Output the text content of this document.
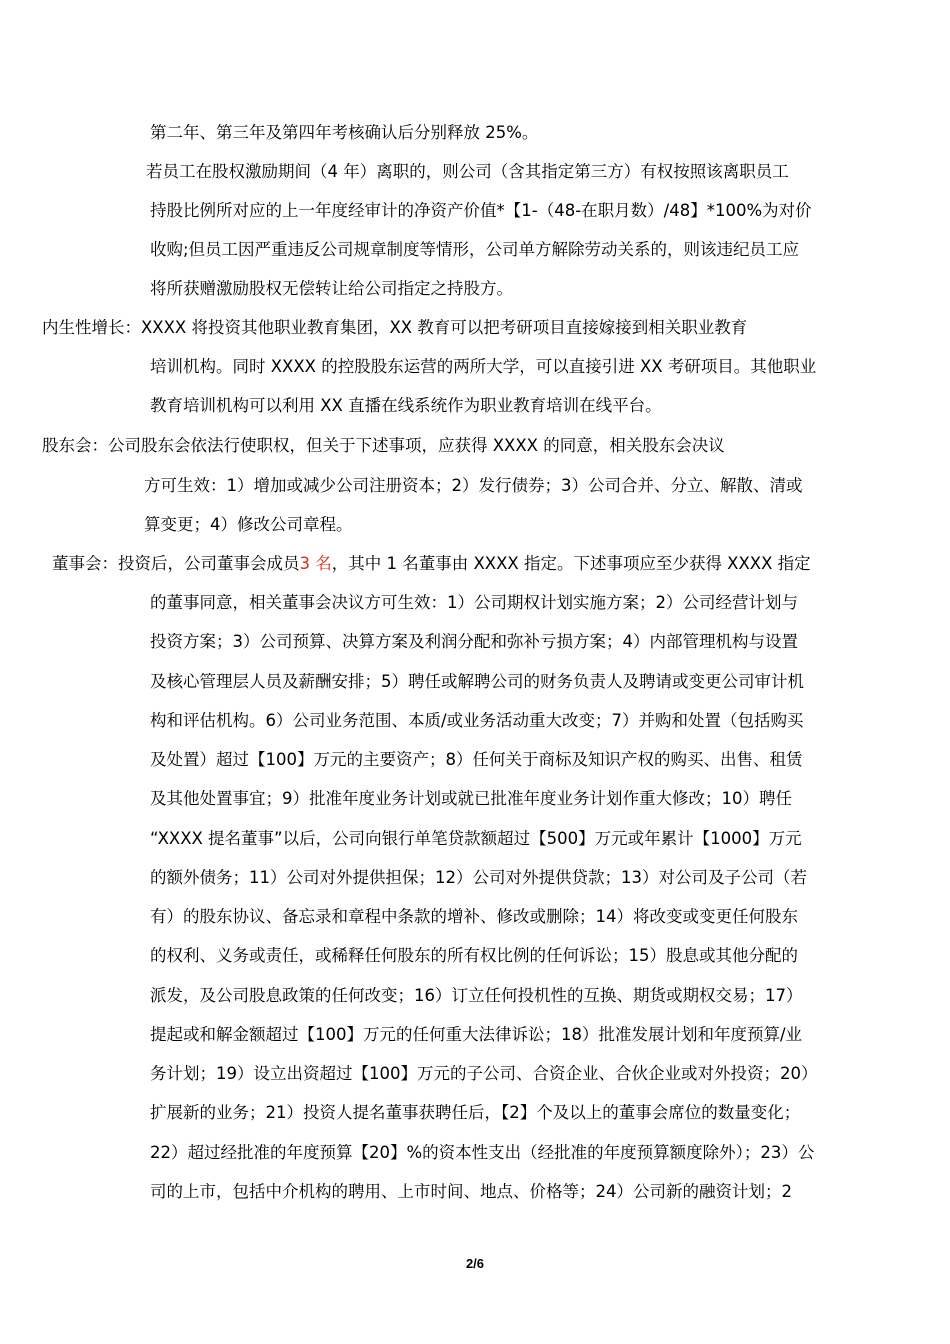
第二年、第三年及第四年考核确认后分别释放 25%。
若员工在股权激励期间（4 年）离职的，则公司（含其指定第三方）有权按照该离职员工
持股比例所对应的上一年度经审计的净资产价值*【1-（48-在职月数）/48】*100%为对价
收购;但员工因严重违反公司规章制度等情形，公司单方解除劳动关系的，则该违纪员工应
将所获赠激励股权无偿转让给公司指定之持股方。
内生性增长：XXXX 将投资其他职业教育集团，XX 教育可以把考研项目直接嫁接到相关职业教育
培训机构。同时 XXXX 的控股股东运营的两所大学，可以直接引进 XX 考研项目。其他职业
教育培训机构可以利用 XX 直播在线系统作为职业教育培训在线平台。
股东会：公司股东会依法行使职权，但关于下述事项，应获得 XXXX 的同意，相关股东会决议
方可生效：1）增加或减少公司注册资本；2）发行债券；3）公司合并、分立、解散、清或
算变更；4）修改公司章程。
董事会：投资后，公司董事会成员3 名，其中 1 名董事由 XXXX 指定。下述事项应至少获得 XXXX 指定
的董事同意，相关董事会决议方可生效：1）公司期权计划实施方案；2）公司经营计划与
投资方案；3）公司预算、决算方案及利润分配和弥补亏损方案；4）内部管理机构与设置
及核心管理层人员及薪酬安排；5）聘任或解聘公司的财务负责人及聘请或变更公司审计机
构和评估机构。6）公司业务范围、本质/或业务活动重大改变；7）并购和处置（包括购买
及处置）超过【100】万元的主要资产；8）任何关于商标及知识产权的购买、出售、租赁
及其他处置事宜；9）批准年度业务计划或就已批准年度业务计划作重大修改；10）聘任
“XXXX 提名董事”以后，公司向银行单笔贷款额超过【500】万元或年累计【1000】万元
的额外债务；11）公司对外提供担保；12）公司对外提供贷款；13）对公司及子公司（若
有）的股东协议、备忘录和章程中条款的增补、修改或删除；14）将改变或变更任何股东
的权利、义务或责任，或稀释任何股东的所有权比例的任何诉讼；15）股息或其他分配的
派发，及公司股息政策的任何改变；16）订立任何投机性的互换、期货或期权交易；17）
提起或和解金额超过【100】万元的任何重大法律诉讼；18）批准发展计划和年度预算/业
务计划；19）设立出资超过【100】万元的子公司、合资企业、合伙企业或对外投资；20）
扩展新的业务；21）投资人提名董事获聘任后，【2】个及以上的董事会席位的数量变化；
22）超过经批准的年度预算【20】%的资本性支出（经批准的年度预算额度除外）；23）公
司的上市，包括中介机构的聘用、上市时间、地点、价格等；24）公司新的融资计划；2
2/6
